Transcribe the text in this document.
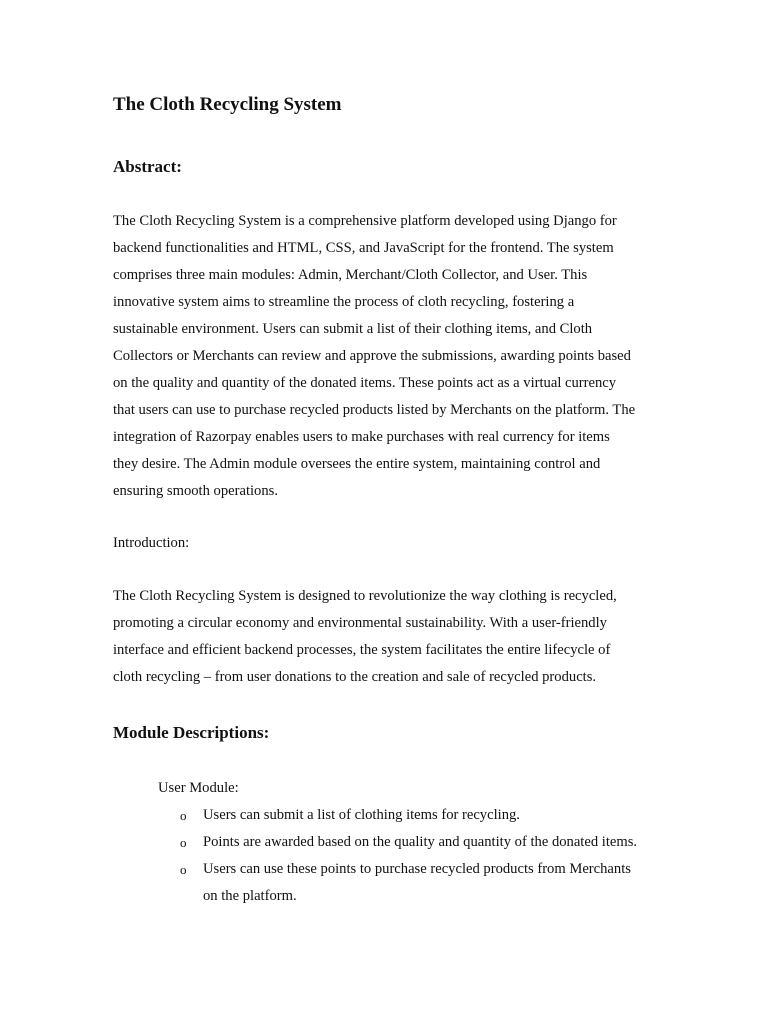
The Cloth Recycling System
Abstract:

The Cloth Recycling System is a comprehensive platform developed using Django for
backend functionalities and HTML, CSS, and JavaScript for the frontend. The system
comprises three main modules: Admin, Merchant/Cloth Collector, and User. This
innovative system aims to streamline the process of cloth recycling, fostering a
sustainable environment. Users can submit a list of their clothing items, and Cloth
Collectors or Merchants can review and approve the submissions, awarding points based
on the quality and quantity of the donated items. These points act as a virtual currency
that users can use to purchase recycled products listed by Merchants on the platform. The
integration of Razorpay enables users to make purchases with real currency for items
they desire. The Admin module oversees the entire system, maintaining control and
ensuring smooth operations.

Introduction:

The Cloth Recycling System is designed to revolutionize the way clothing is recycled,
promoting a circular economy and environmental sustainability. With a user-friendly
interface and efficient backend processes, the system facilitates the entire lifecycle of
cloth recycling – from user donations to the creation and sale of recycled products.

Module Descriptions:

User Module:

o Users can submit a list of clothing items for recycling.
o Points are awarded based on the quality and quantity of the donated items.
o Users can use these points to purchase recycled products from Merchants
on the platform.
